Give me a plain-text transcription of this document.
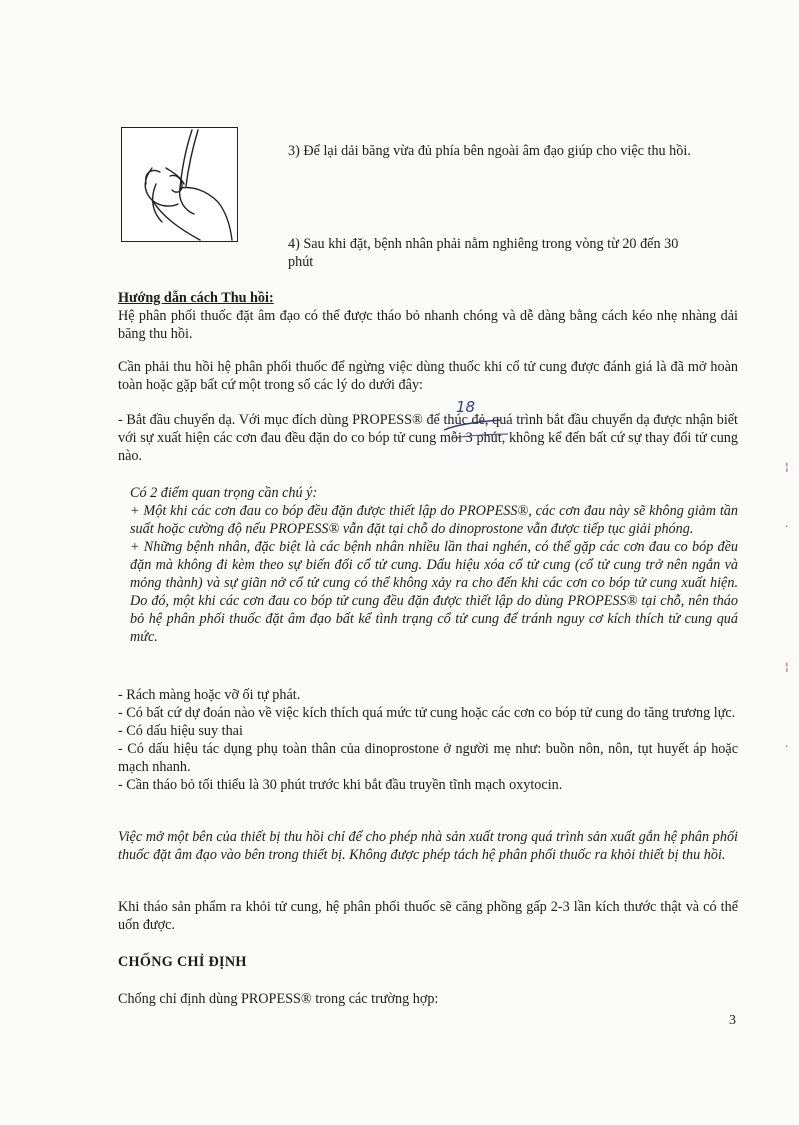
3) Để lại dải băng vừa đủ phía bên ngoài âm đạo giúp cho việc thu hồi.
4) Sau khi đặt, bệnh nhân phải nằm nghiêng trong vòng từ 20 đến 30
phút

Hướng dẫn cách Thu hồi:

Hệ phân phối thuốc đặt âm đạo có thể được tháo bỏ nhanh chóng và dễ dàng bằng cách kéo nhẹ nhàng dải băng thu hồi.

Cần phải thu hồi hệ phân phối thuốc để ngừng việc dùng thuốc khi cổ tử cung được đánh giá là đã mở hoàn toàn hoặc gặp bất cứ một trong số các lý do dưới đây:

- Bắt đầu chuyển dạ. Với mục đích dùng PROPESS® để thúc đẻ, quá trình bắt đầu chuyển dạ được nhận biết với sự xuất hiện các cơn đau đều đặn do co bóp tử cung mỗi 3 phút, không kể đến bất cứ sự thay đổi tử cung nào.

18

Có 2 điểm quan trọng cần chú ý:

+ Một khi các cơn đau co bóp đều đặn được thiết lập do PROPESS®, các cơn đau này sẽ không giảm tần suất hoặc cường độ nếu PROPESS® vẫn đặt tại chỗ do dinoprostone vẫn được tiếp tục giải phóng.

+ Những bệnh nhân, đặc biệt là các bệnh nhân nhiều lần thai nghén, có thể gặp các cơn đau co bóp đều đặn mà không đi kèm theo sự biến đổi cổ tử cung. Dấu hiệu xóa cổ tử cung (cổ tử cung trở nên ngắn và mỏng thành) và sự giãn nở cổ tử cung có thể không xảy ra cho đến khi các cơn co bóp tử cung xuất hiện. Do đó, một khi các cơn đau co bóp tử cung đều đặn được thiết lập do dùng PROPESS® tại chỗ, nên tháo bỏ hệ phân phối thuốc đặt âm đạo bất kể tình trạng cổ tử cung để tránh nguy cơ kích thích tử cung quá mức.

- Rách màng hoặc vỡ ối tự phát.

- Có bất cứ dự đoán nào về việc kích thích quá mức tử cung hoặc các cơn co bóp tử cung do tăng trương lực.

- Có dấu hiệu suy thai

- Có dấu hiệu tác dụng phụ toàn thân của dinoprostone ở người mẹ như: buồn nôn, nôn, tụt huyết áp hoặc mạch nhanh.

- Cần tháo bỏ tối thiểu là 30 phút trước khi bắt đầu truyền tĩnh mạch oxytocin.

Việc mở một bên của thiết bị thu hồi chỉ để cho phép nhà sản xuất trong quá trình sản xuất gắn hệ phân phối thuốc đặt âm đạo vào bên trong thiết bị. Không được phép tách hệ phân phối thuốc ra khỏi thiết bị thu hồi.

Khi tháo sản phẩm ra khỏi tử cung, hệ phân phối thuốc sẽ căng phồng gấp 2-3 lần kích thước thật và có thể uốn được.

CHỐNG CHỈ ĐỊNH

Chống chỉ định dùng PROPESS® trong các trường hợp:

3
¦
·
¦
·
